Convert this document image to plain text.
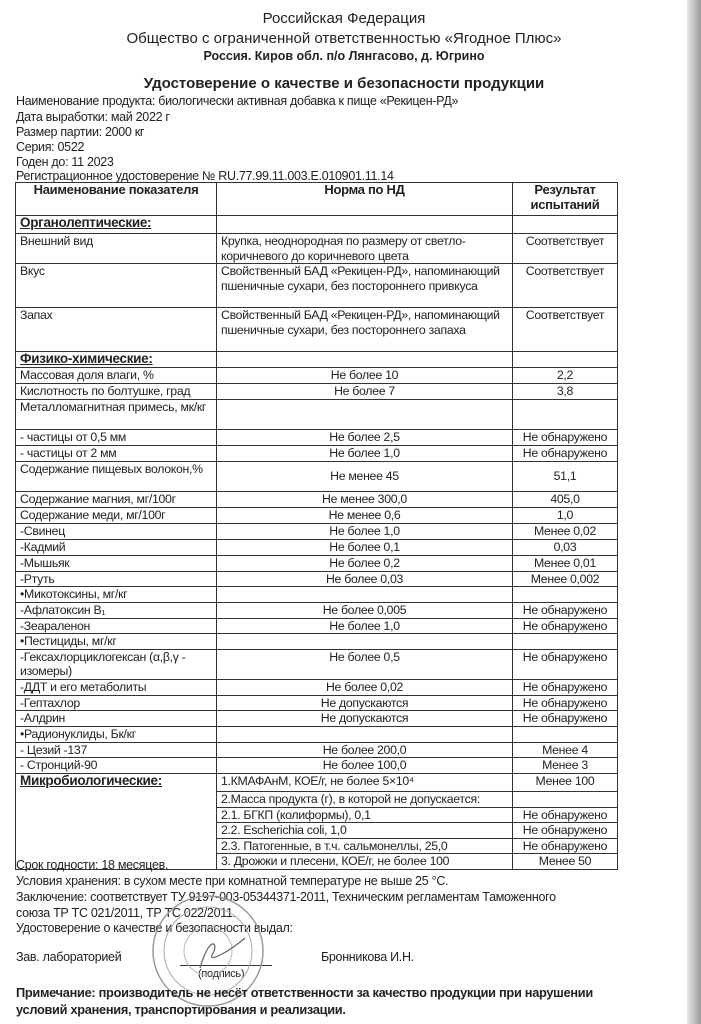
Российская Федерация
Общество с ограниченной ответственностью «Ягодное Плюс»
Россия. Киров обл. п/о Лянгасово, д. Югрино
Удостоверение о качестве и безопасности продукции
Наименование продукта: биологически активная добавка к пище «Рекицен-РД»
Дата выработки: май 2022 г
Размер партии: 2000 кг
Серия: 0522
Годен до: 11 2023
Регистрационное удостоверение № RU.77.99.11.003.E.010901.11.14
Наименование показателя	Норма по НД	Результат испытаний
Органолептические:		
Внешний вид	Крупка, неоднородная по размеру от светло-коричневого до коричневого цвета	Соответствует
Вкус	Свойственный БАД «Рекицен-РД», напоминающий пшеничные сухари, без постороннего привкуса	Соответствует
Запах	Свойственный БАД «Рекицен-РД», напоминающий пшеничные сухари, без постороннего запаха	Соответствует
Физико-химические:		
Массовая доля влаги, %	Не более 10	2,2
Кислотность по болтушке, град	Не более 7	3,8
Металломагнитная примесь, мк/кг		
- частицы от 0,5 мм	Не более 2,5	Не обнаружено
- частицы от 2 мм	Не более 1,0	Не обнаружено
Содержание пищевых волокон,%	Не менее 45	51,1
Содержание магния, мг/100г	Не менее 300,0	405,0
Содержание меди, мг/100г	Не менее 0,6	1,0
-Свинец	Не более 1,0	Менее 0,02
-Кадмий	Не более 0,1	0,03
-Мышьяк	Не более 0,2	Менее 0,01
-Ртуть	Не более 0,03	Менее 0,002
•Микотоксины, мг/кг		
-Афлатоксин B₁	Не более 0,005	Не обнаружено
-Зеараленон	Не более 1,0	Не обнаружено
•Пестициды, мг/кг		
-Гексахлорциклогексан (α,β,γ - изомеры)	Не более 0,5	Не обнаружено
-ДДТ и его метаболиты	Не более 0,02	Не обнаружено
-Гептахлор	Не допускаются	Не обнаружено
-Алдрин	Не допускаются	Не обнаружено
•Радионуклиды, Бк/кг		
- Цезий -137	Не более 200,0	Менее 4
- Стронций-90	Не более 100,0	Менее 3
Микробиологические:	1.КМАФАнМ, КОЕ/г, не более 5×10⁴	Менее 100
	2.Масса продукта (г), в которой не допускается:	
	2.1. БГКП (колиформы), 0,1	Не обнаружено
	2.2. Escherichia coli, 1,0	Не обнаружено
	2.3. Патогенные, в т.ч. сальмонеллы, 25,0	Не обнаружено
	3. Дрожжи и плесени, КОЕ/г, не более 100	Менее 50
Срок годности: 18 месяцев.
Условия хранения: в сухом месте при комнатной температуре не выше 25 °С.
Заключение: соответствует ТУ 9197-003-05344371-2011, Техническим регламентам Таможенного
союза ТР ТС 021/2011, ТР ТС 022/2011.
Удостоверение о качестве и безопасности выдал:
Зав. лабораторией	Бронникова И.Н.
(подпись)
Примечание: производитель не несёт ответственности за качество продукции при нарушении
условий хранения, транспортирования и реализации.
